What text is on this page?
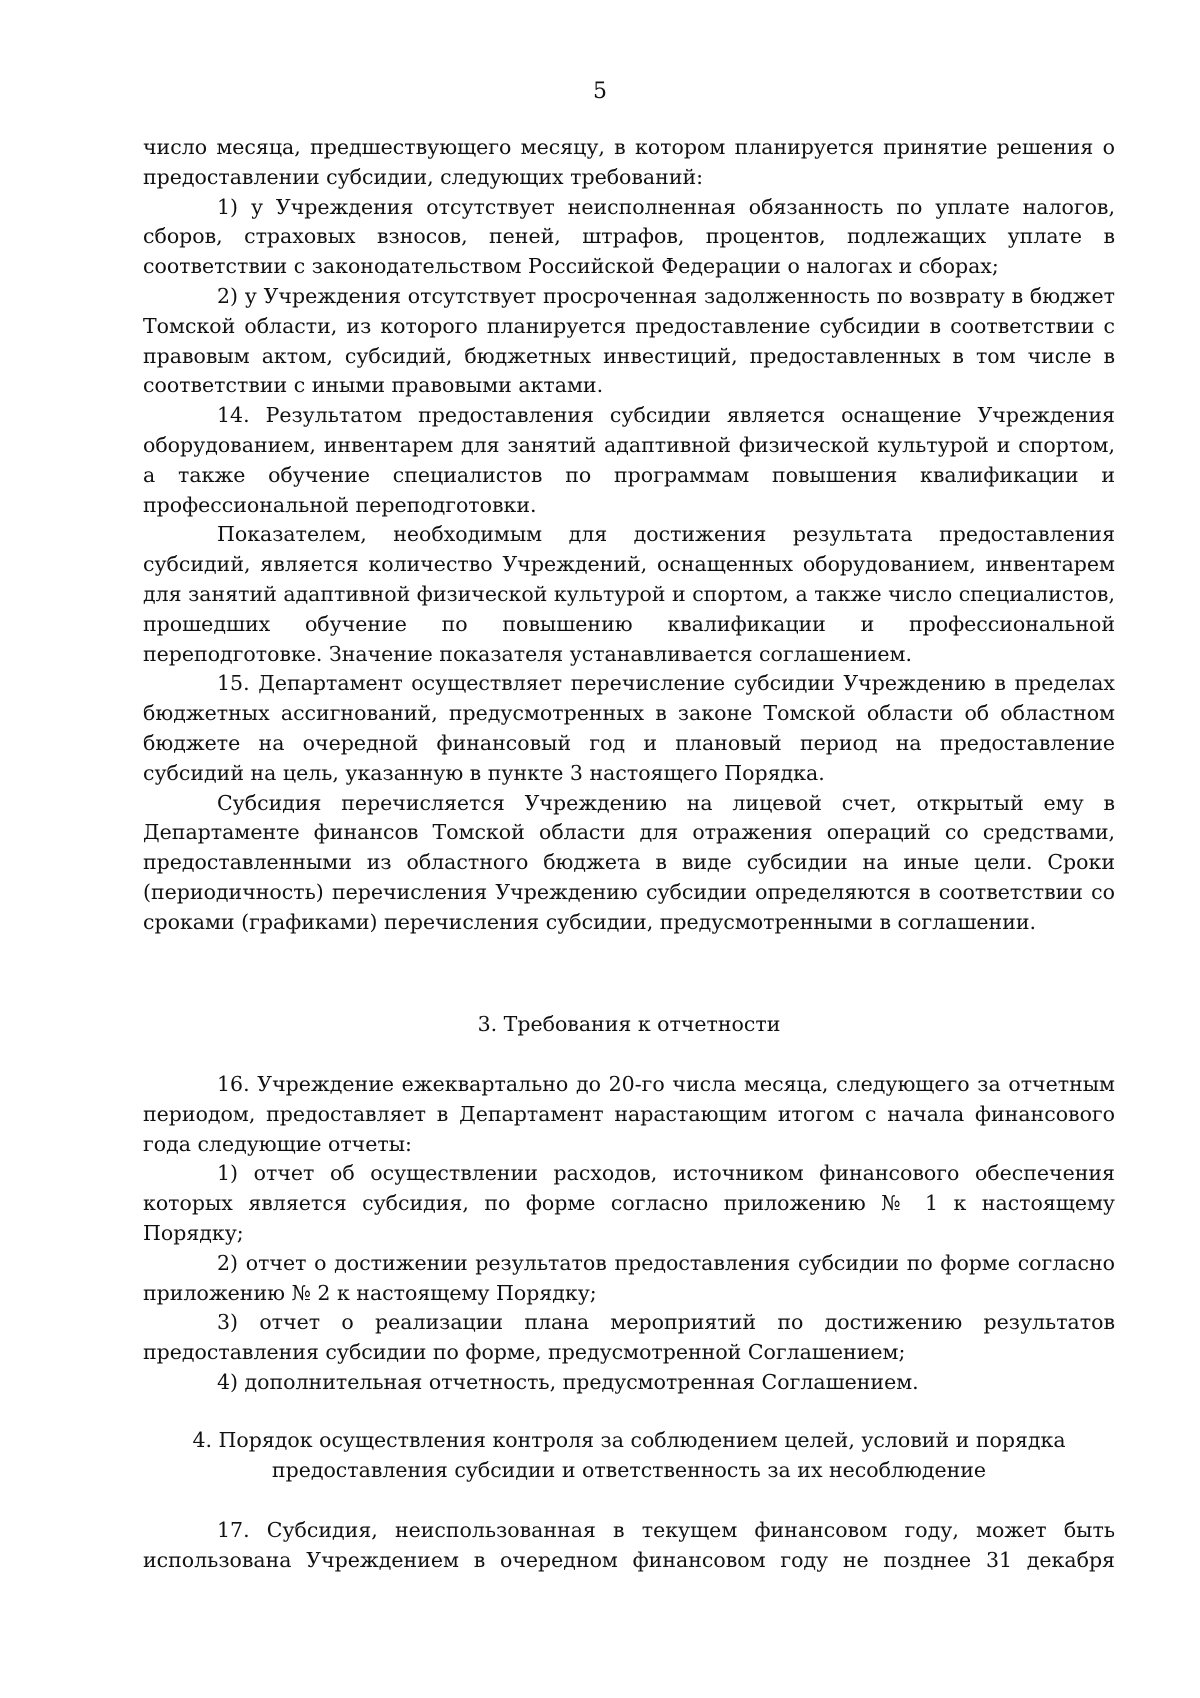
5

число месяца, предшествующего месяцу, в котором планируется принятие решения о предоставлении субсидии, следующих требований:

1) у Учреждения отсутствует неисполненная обязанность по уплате налогов, сборов, страховых взносов, пеней, штрафов, процентов, подлежащих уплате в соответствии с законодательством Российской Федерации о налогах и сборах;

2) у Учреждения отсутствует просроченная задолженность по возврату в бюджет Томской области, из которого планируется предоставление субсидии в соответствии с правовым актом, субсидий, бюджетных инвестиций, предоставленных в том числе в соответствии с иными правовыми актами.

14. Результатом предоставления субсидии является оснащение Учреждения оборудованием, инвентарем для занятий адаптивной физической культурой и спортом, а также обучение специалистов по программам повышения квалификации и профессиональной переподготовки.

Показателем, необходимым для достижения результата предоставления субсидий, является количество Учреждений, оснащенных оборудованием, инвентарем для занятий адаптивной физической культурой и спортом, а также число специалистов, прошедших обучение по повышению квалификации и профессиональной переподготовке. Значение показателя устанавливается соглашением.

15. Департамент осуществляет перечисление субсидии Учреждению в пределах бюджетных ассигнований, предусмотренных в законе Томской области об областном бюджете на очередной финансовый год и плановый период на предоставление субсидий на цель, указанную в пункте 3 настоящего Порядка.

Субсидия перечисляется Учреждению на лицевой счет, открытый ему в Департаменте финансов Томской области для отражения операций со средствами, предоставленными из областного бюджета в виде субсидии на иные цели. Сроки (периодичность) перечисления Учреждению субсидии определяются в соответствии со сроками (графиками) перечисления субсидии, предусмотренными в соглашении.

3. Требования к отчетности

16. Учреждение ежеквартально до 20-го числа месяца, следующего за отчетным периодом, предоставляет в Департамент нарастающим итогом с начала финансового года следующие отчеты:

1) отчет об осуществлении расходов, источником финансового обеспечения которых является субсидия, по форме согласно приложению № 1 к настоящему Порядку;

2) отчет о достижении результатов предоставления субсидии по форме согласно приложению № 2 к настоящему Порядку;

3) отчет о реализации плана мероприятий по достижению результатов предоставления субсидии по форме, предусмотренной Соглашением;

4) дополнительная отчетность, предусмотренная Соглашением.

4. Порядок осуществления контроля за соблюдением целей, условий и порядка
предоставления субсидии и ответственность за их несоблюдение

17. Субсидия, неиспользованная в текущем финансовом году, может быть использована Учреждением в очередном финансовом году не позднее 31 декабря
